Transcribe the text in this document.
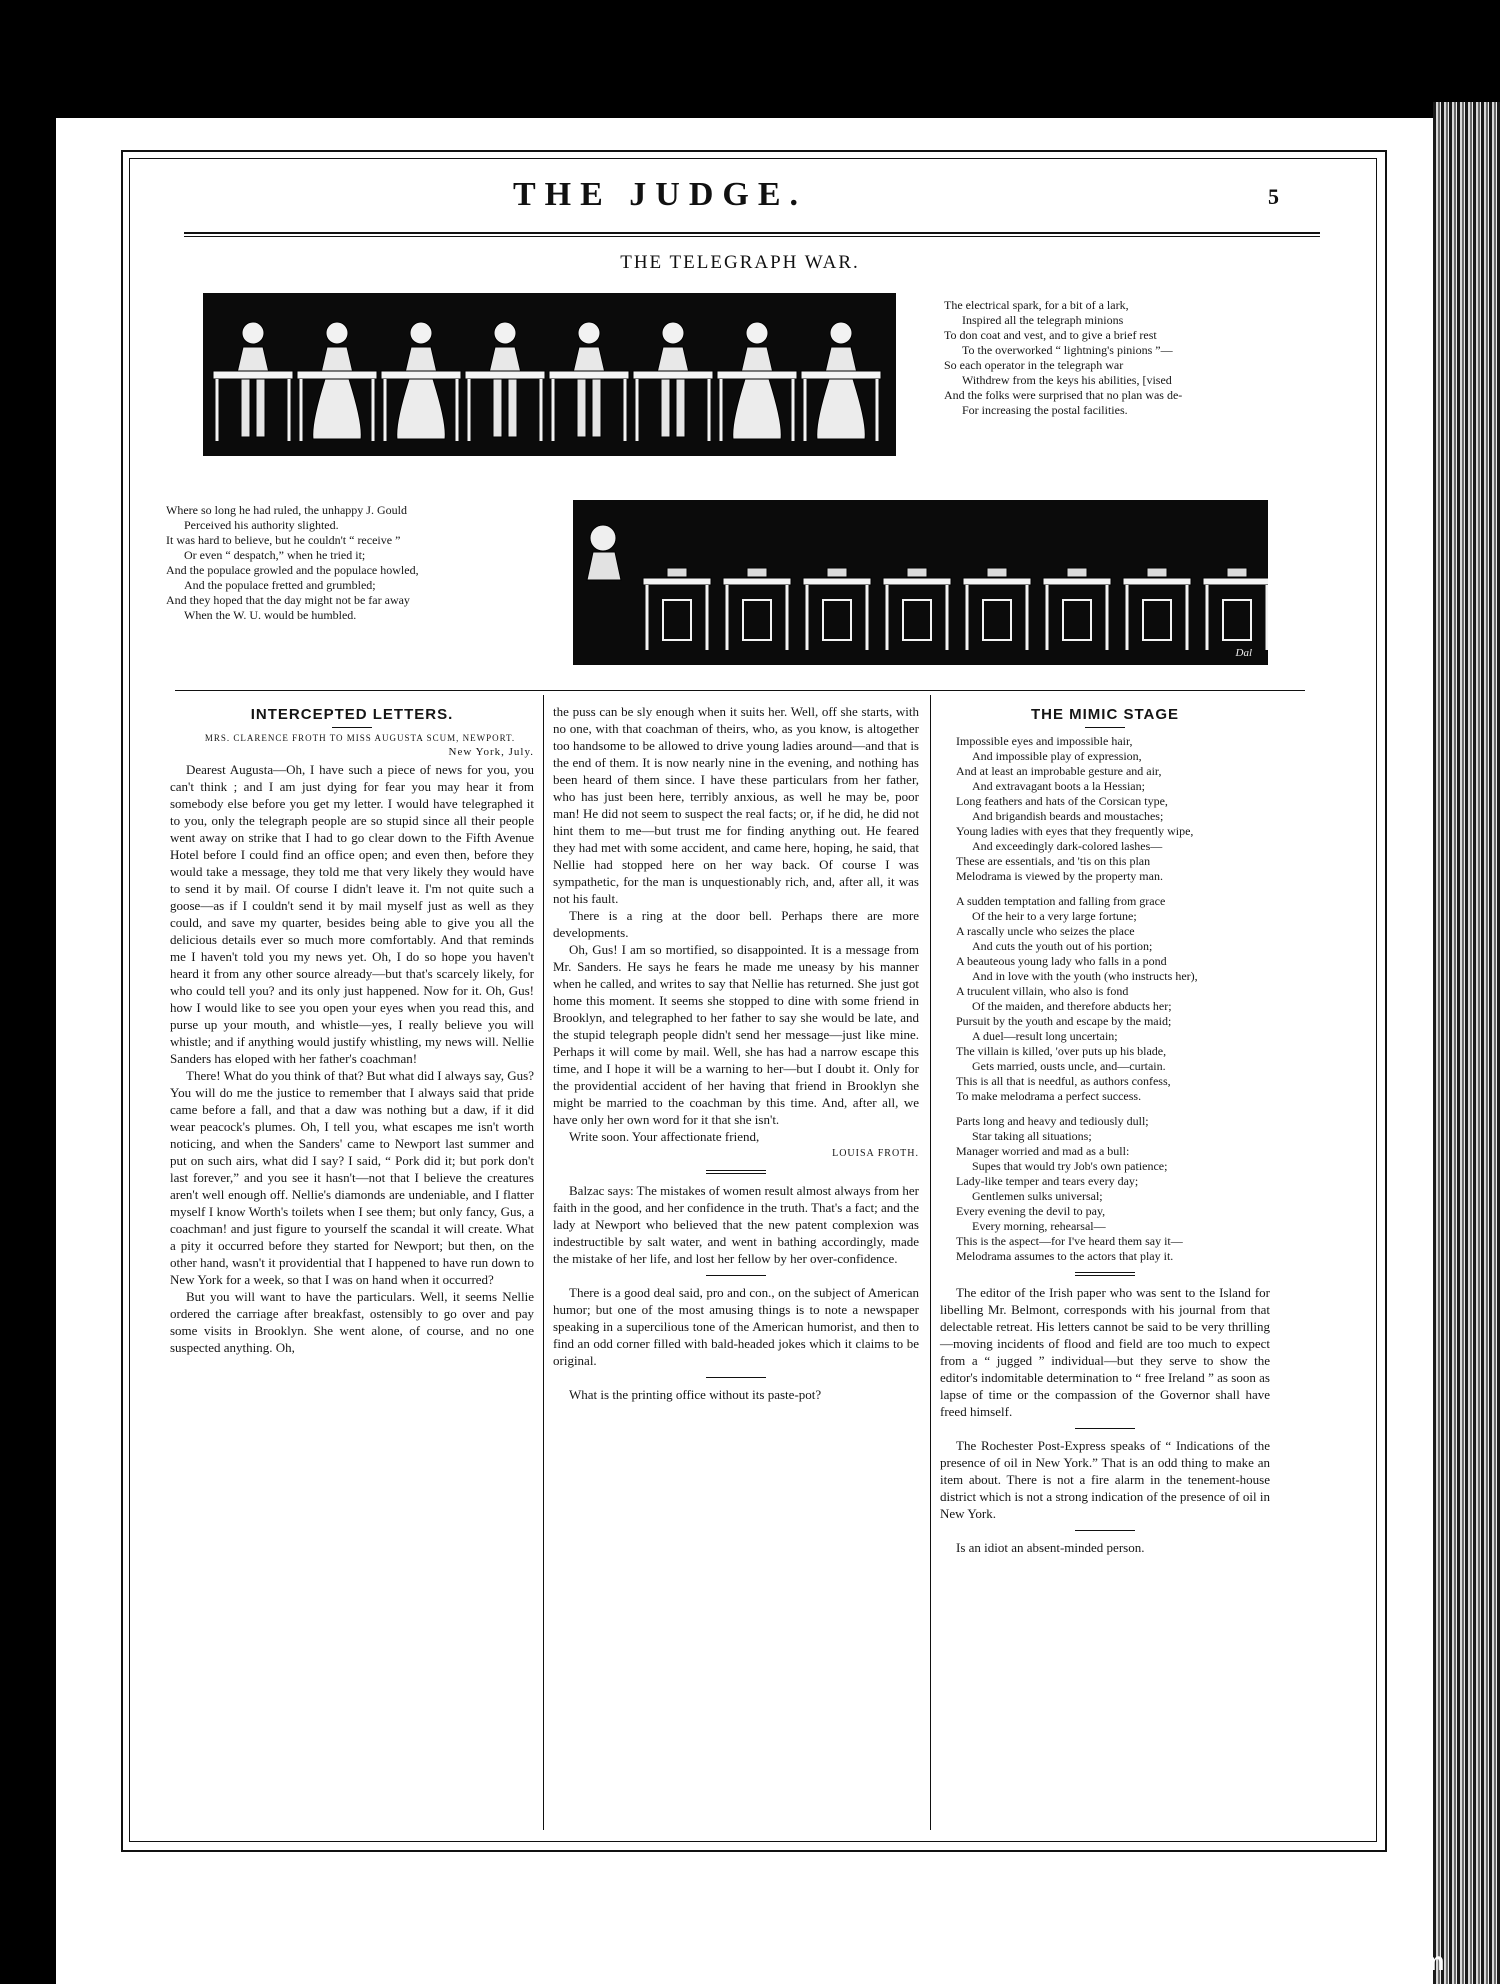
THE JUDGE.	5
THE TELEGRAPH WAR.

The electrical spark, for a bit of a lark,

Inspired all the telegraph minions

To don coat and vest, and to give a brief rest

To the overworked “ lightning's pinions ”—

So each operator in the telegraph war

Withdrew from the keys his abilities, [vised

And the folks were surprised that no plan was de-

For increasing the postal facilities.

Where so long he had ruled, the unhappy J. Gould

Perceived his authority slighted.

It was hard to believe, but he couldn't “ receive ”

Or even “ despatch,” when he tried it;

And the populace growled and the populace howled,

And the populace fretted and grumbled;

And they hoped that the day might not be far away

When the W. U. would be humbled.

Dal
INTERCEPTED LETTERS.

MRS. CLARENCE FROTH TO MISS AUGUSTA SCUM, NEWPORT.

New York, July.

Dearest Augusta—Oh, I have such a piece of news for you, you can't think ; and I am just dying for fear you may hear it from somebody else before you get my letter. I would have telegraphed it to you, only the telegraph people are so stupid since all their people went away on strike that I had to go clear down to the Fifth Avenue Hotel before I could find an office open; and even then, before they would take a message, they told me that very likely they would have to send it by mail. Of course I didn't leave it. I'm not quite such a goose—as if I couldn't send it by mail myself just as well as they could, and save my quarter, besides being able to give you all the delicious details ever so much more comfortably. And that reminds me I haven't told you my news yet. Oh, I do so hope you haven't heard it from any other source already—but that's scarcely likely, for who could tell you? and its only just happened. Now for it. Oh, Gus! how I would like to see you open your eyes when you read this, and purse up your mouth, and whistle—yes, I really believe you will whistle; and if anything would justify whistling, my news will. Nellie Sanders has eloped with her father's coachman!

There! What do you think of that? But what did I always say, Gus? You will do me the justice to remember that I always said that pride came before a fall, and that a daw was nothing but a daw, if it did wear peacock's plumes. Oh, I tell you, what escapes me isn't worth noticing, and when the Sanders' came to Newport last summer and put on such airs, what did I say? I said, “ Pork did it; but pork don't last forever,” and you see it hasn't—not that I believe the creatures aren't well enough off. Nellie's diamonds are undeniable, and I flatter myself I know Worth's toilets when I see them; but only fancy, Gus, a coachman! and just figure to yourself the scandal it will create. What a pity it occurred before they started for Newport; but then, on the other hand, wasn't it providential that I happened to have run down to New York for a week, so that I was on hand when it occurred?

But you will want to have the particulars. Well, it seems Nellie ordered the carriage after breakfast, ostensibly to go over and pay some visits in Brooklyn. She went alone, of course, and no one suspected anything. Oh,

the puss can be sly enough when it suits her. Well, off she starts, with no one, with that coachman of theirs, who, as you know, is altogether too handsome to be allowed to drive young ladies around—and that is the end of them. It is now nearly nine in the evening, and nothing has been heard of them since. I have these particulars from her father, who has just been here, terribly anxious, as well he may be, poor man! He did not seem to suspect the real facts; or, if he did, he did not hint them to me—but trust me for finding anything out. He feared they had met with some accident, and came here, hoping, he said, that Nellie had stopped here on her way back. Of course I was sympathetic, for the man is unquestionably rich, and, after all, it was not his fault.

There is a ring at the door bell. Perhaps there are more developments.

Oh, Gus! I am so mortified, so disappointed. It is a message from Mr. Sanders. He says he fears he made me uneasy by his manner when he called, and writes to say that Nellie has returned. She just got home this moment. It seems she stopped to dine with some friend in Brooklyn, and telegraphed to her father to say she would be late, and the stupid telegraph people didn't send her message—just like mine. Perhaps it will come by mail. Well, she has had a narrow escape this time, and I hope it will be a warning to her—but I doubt it. Only for the providential accident of her having that friend in Brooklyn she might be married to the coachman by this time. And, after all, we have only her own word for it that she isn't.

Write soon. Your affectionate friend,

LOUISA FROTH.

Balzac says: The mistakes of women result almost always from her faith in the good, and her confidence in the truth. That's a fact; and the lady at Newport who believed that the new patent complexion was indestructible by salt water, and went in bathing accordingly, made the mistake of her life, and lost her fellow by her over-confidence.

There is a good deal said, pro and con., on the subject of American humor; but one of the most amusing things is to note a newspaper speaking in a supercilious tone of the American humorist, and then to find an odd corner filled with bald-headed jokes which it claims to be original.

What is the printing office without its paste-pot?

THE MIMIC STAGE

Impossible eyes and impossible hair,

And impossible play of expression,

And at least an improbable gesture and air,

And extravagant boots a la Hessian;

Long feathers and hats of the Corsican type,

And brigandish beards and moustaches;

Young ladies with eyes that they frequently wipe,

And exceedingly dark-colored lashes—

These are essentials, and 'tis on this plan

Melodrama is viewed by the property man.

A sudden temptation and falling from grace

Of the heir to a very large fortune;

A rascally uncle who seizes the place

And cuts the youth out of his portion;

A beauteous young lady who falls in a pond

And in love with the youth (who instructs her),

A truculent villain, who also is fond

Of the maiden, and therefore abducts her;

Pursuit by the youth and escape by the maid;

A duel—result long uncertain;

The villain is killed, 'over puts up his blade,

Gets married, ousts uncle, and—curtain.

This is all that is needful, as authors confess,

To make melodrama a perfect success.

Parts long and heavy and tediously dull;

Star taking all situations;

Manager worried and mad as a bull:

Supes that would try Job's own patience;

Lady-like temper and tears every day;

Gentlemen sulks universal;

Every evening the devil to pay,

Every morning, rehearsal—

This is the aspect—for I've heard them say it—

Melodrama assumes to the actors that play it.

The editor of the Irish paper who was sent to the Island for libelling Mr. Belmont, corresponds with his journal from that delectable retreat. His letters cannot be said to be very thrilling—moving incidents of flood and field are too much to expect from a “ jugged ” individual—but they serve to show the editor's indomitable determination to “ free Ireland ” as soon as lapse of time or the compassion of the Governor shall have freed himself.

The Rochester Post-Express speaks of “ Indications of the presence of oil in New York.” That is an odd thing to make an item about. There is not a fire alarm in the tenement-house district which is not a strong indication of the presence of oil in New York.

Is an idiot an absent-minded person.

comicbooks.com
